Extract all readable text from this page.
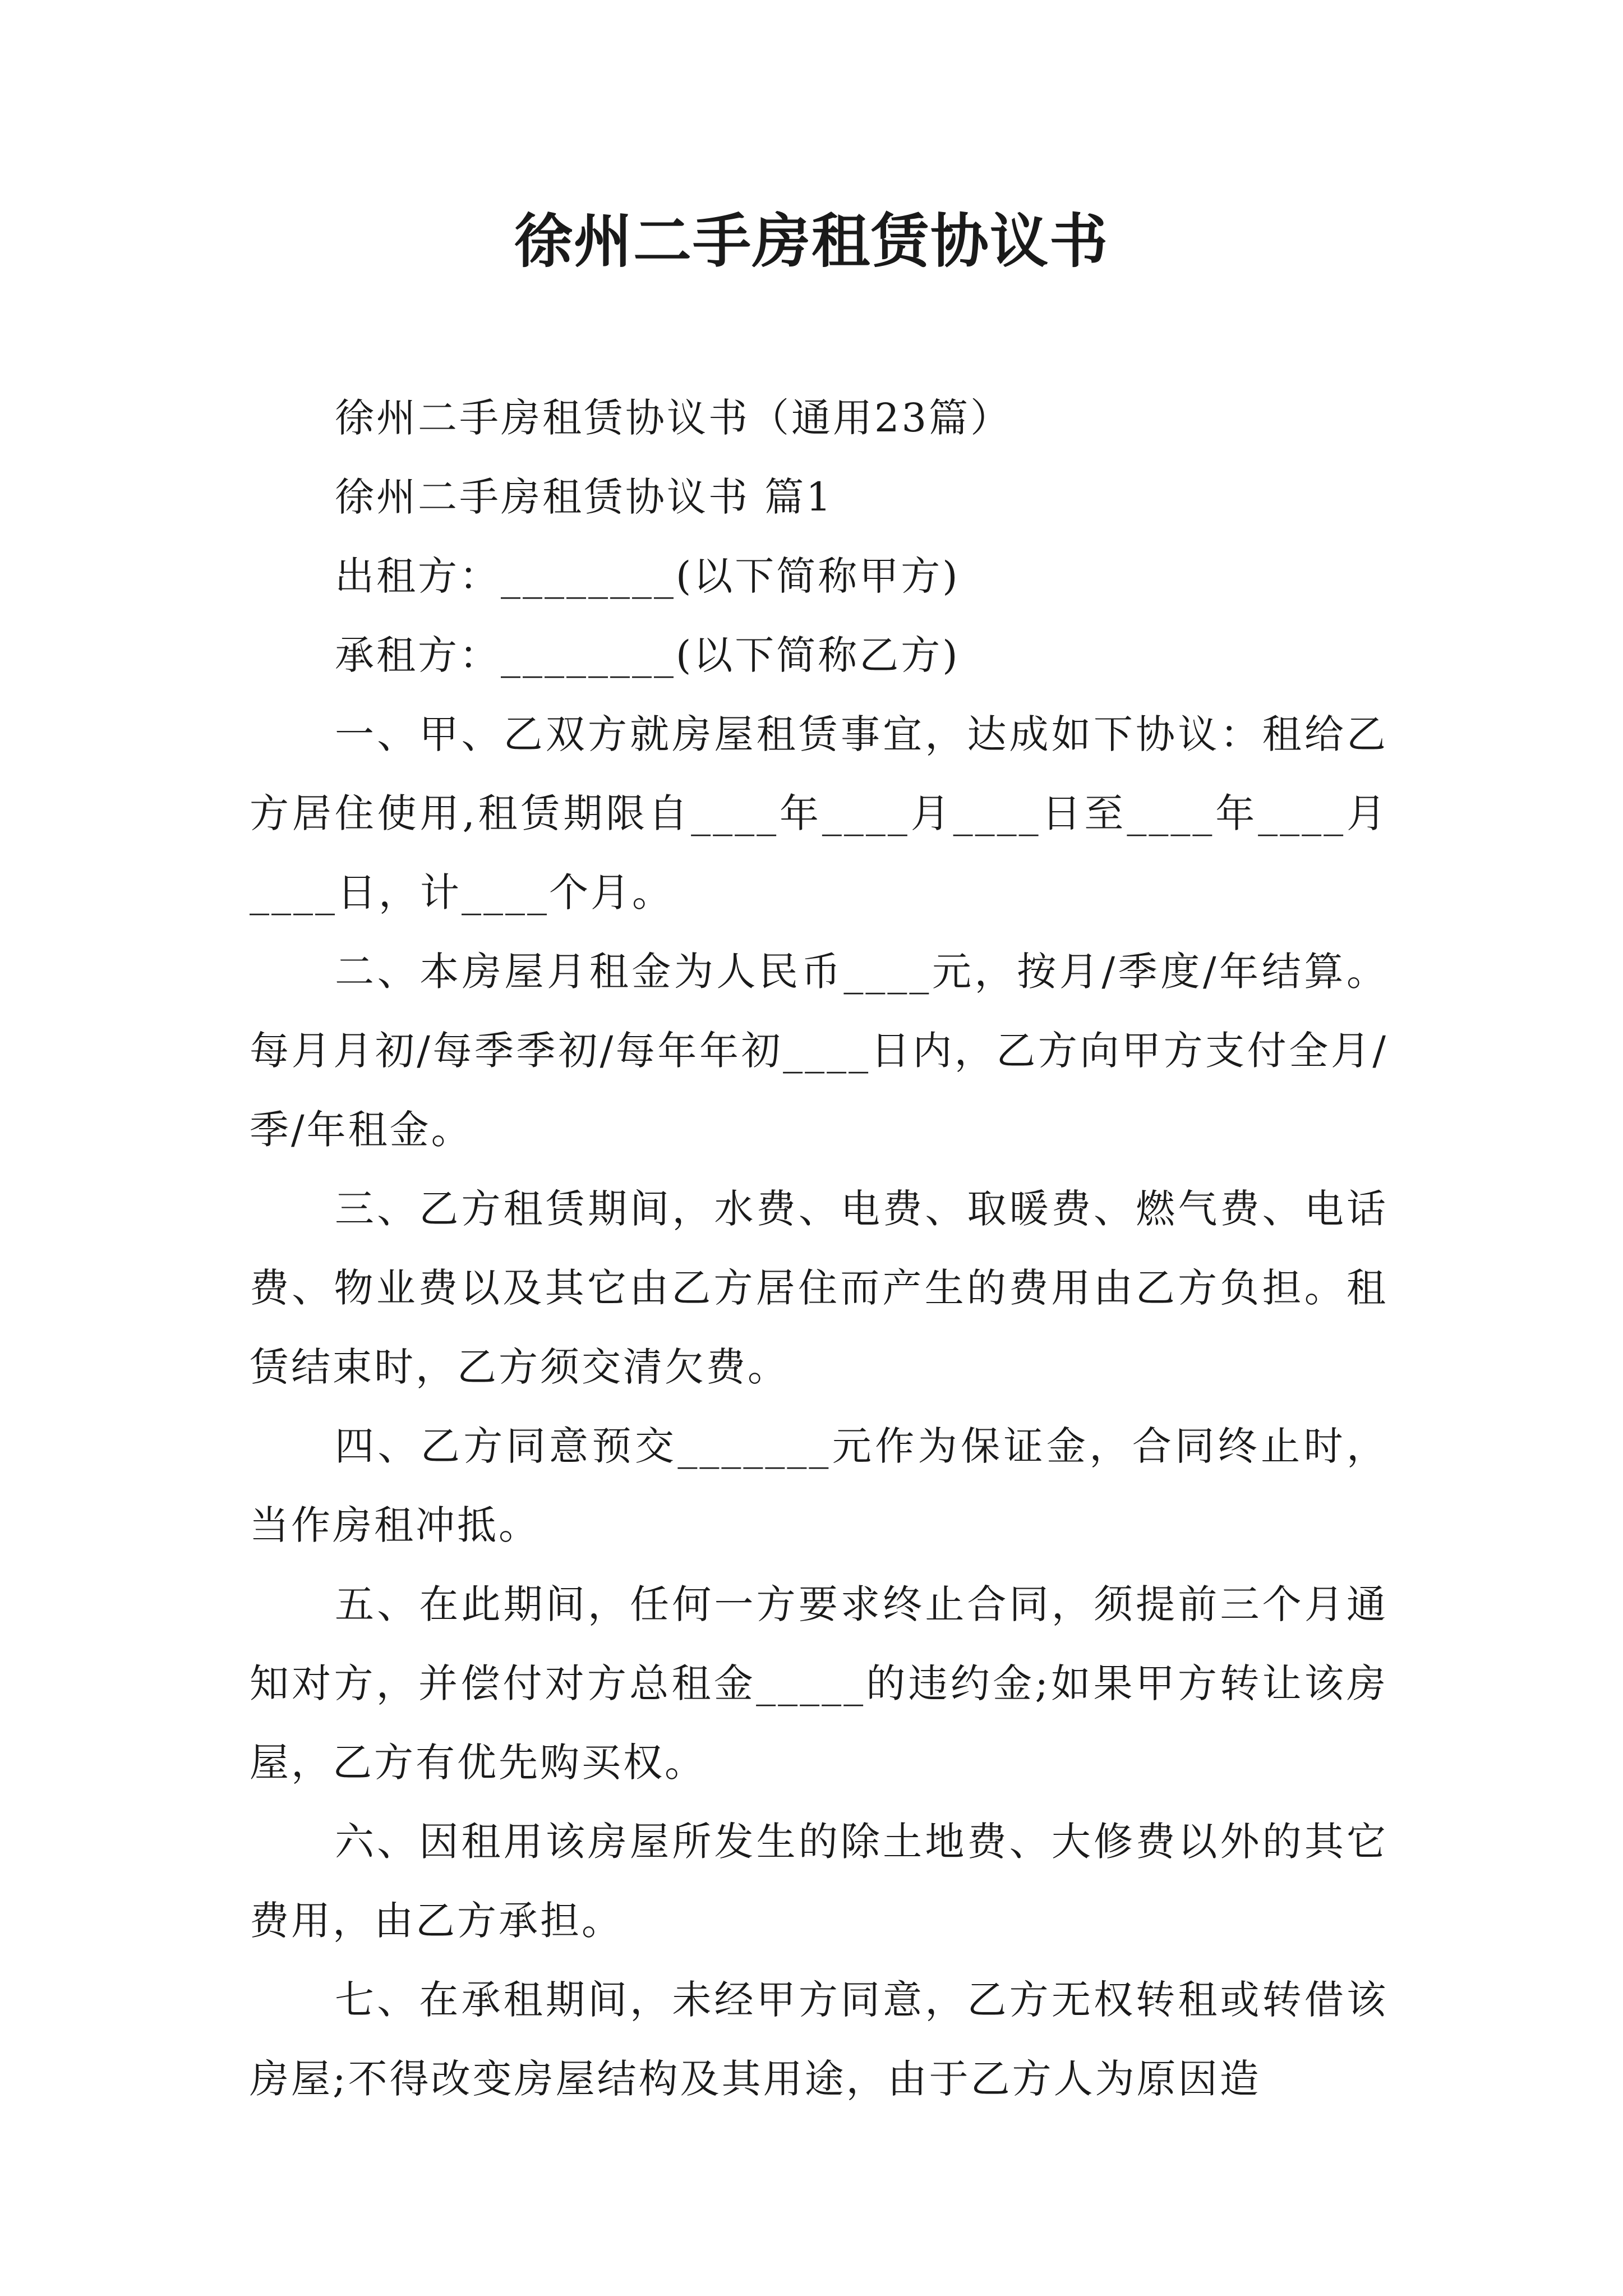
徐州二手房租赁协议书

徐州二手房租赁协议书（通用23篇）

徐州二手房租赁协议书 篇1

出租方：________(以下简称甲方)

承租方：________(以下简称乙方)

一、甲、乙双方就房屋租赁事宜，达成如下协议：租给乙方居住使用,租赁期限自____年____月____日至____年____月____日，计____个月。

二、本房屋月租金为人民币____元，按月/季度/年结算。每月月初/每季季初/每年年初____日内，乙方向甲方支付全月/季/年租金。

三、乙方租赁期间，水费、电费、取暖费、燃气费、电话费、物业费以及其它由乙方居住而产生的费用由乙方负担。租赁结束时，乙方须交清欠费。

四、乙方同意预交_______元作为保证金，合同终止时，当作房租冲抵。

五、在此期间，任何一方要求终止合同，须提前三个月通知对方，并偿付对方总租金_____的违约金;如果甲方转让该房屋，乙方有优先购买权。

六、因租用该房屋所发生的除土地费、大修费以外的其它费用，由乙方承担。

七、在承租期间，未经甲方同意，乙方无权转租或转借该房屋;不得改变房屋结构及其用途，由于乙方人为原因造
